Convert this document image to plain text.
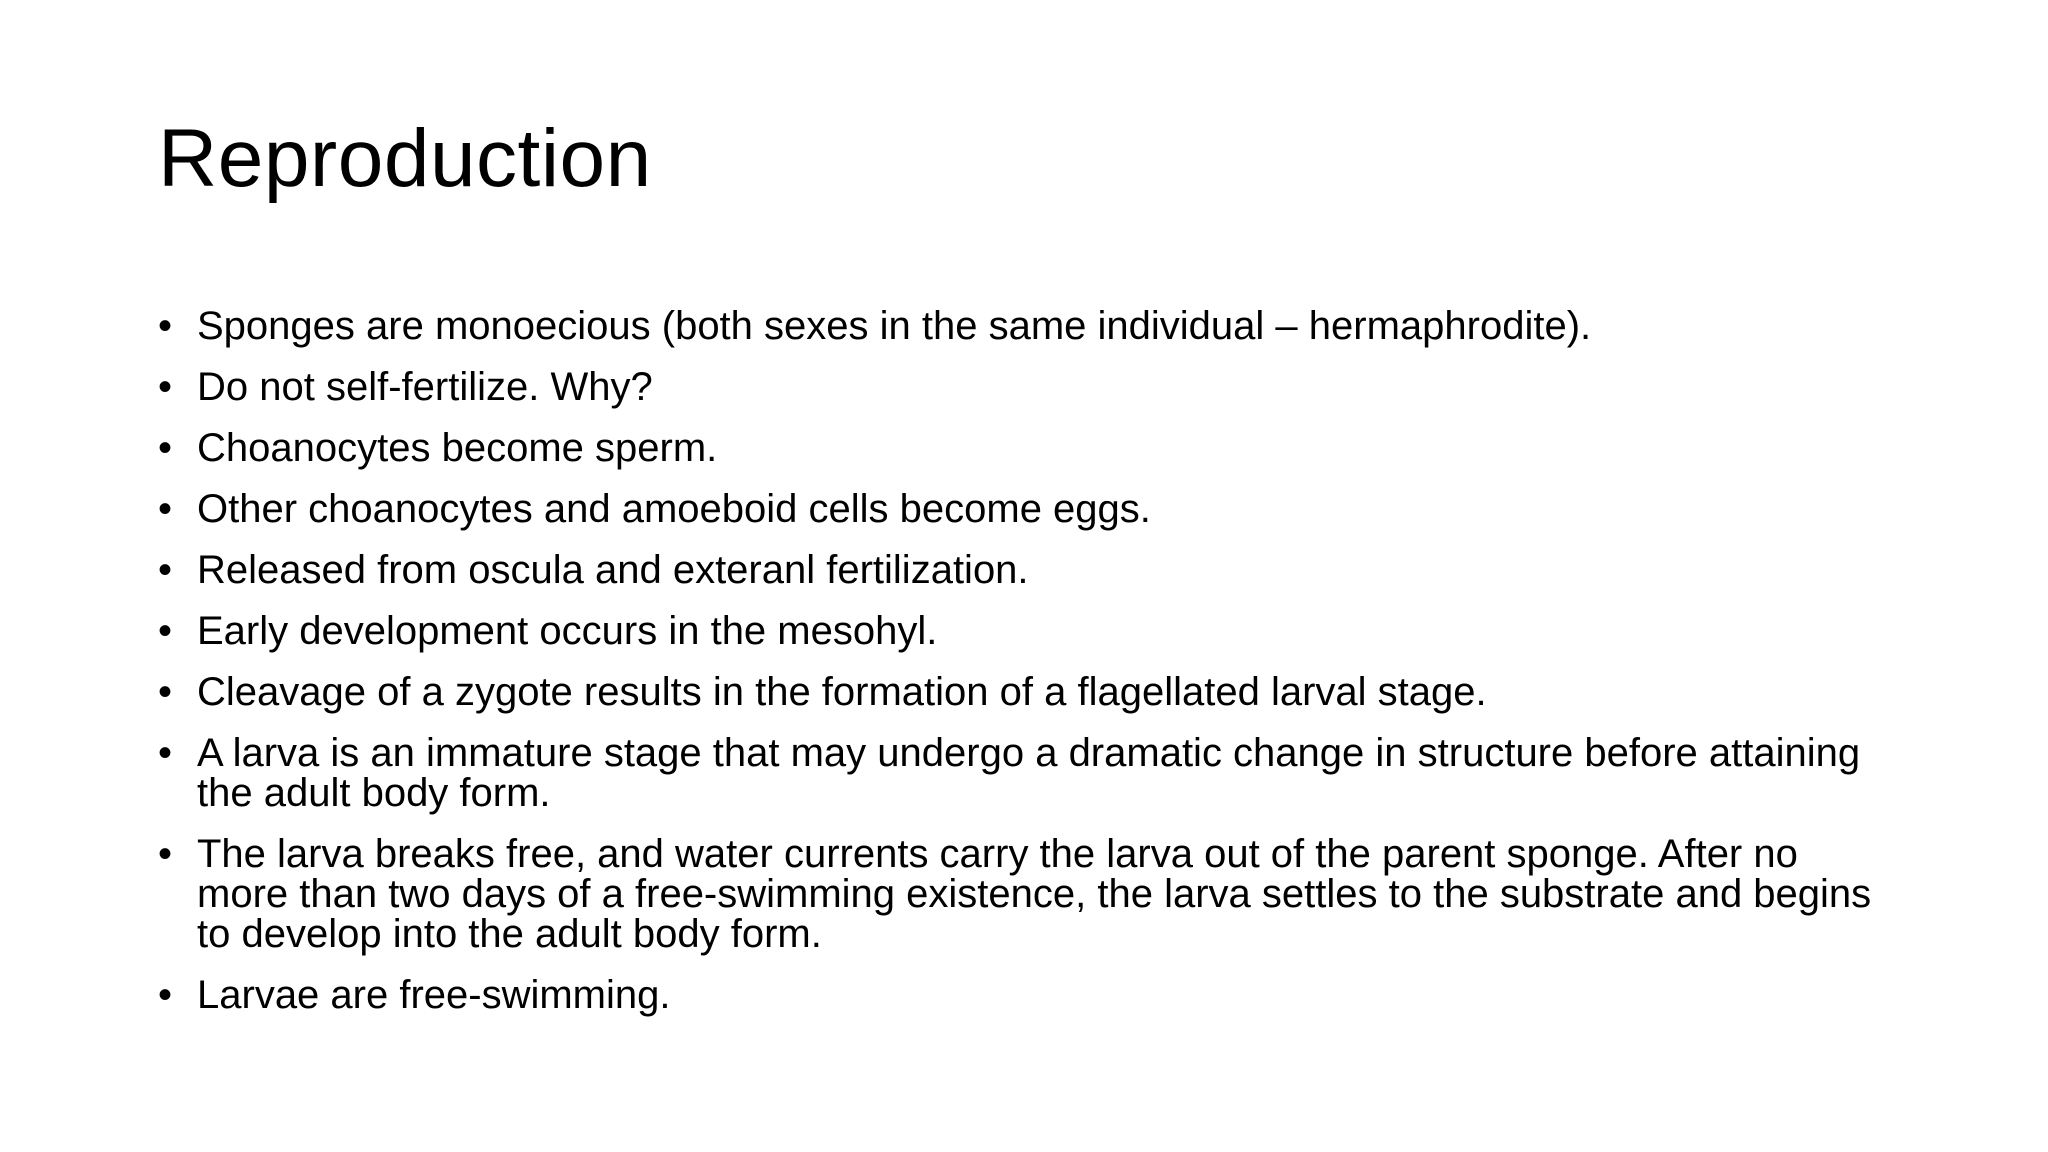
Reproduction
• Sponges are monoecious (both sexes in the same individual – hermaphrodite).
• Do not self-fertilize. Why?
• Choanocytes become sperm.
• Other choanocytes and amoeboid cells become eggs.
• Released from oscula and exteranl fertilization.
• Early development occurs in the mesohyl.
• Cleavage of a zygote results in the formation of a flagellated larval stage.
• A larva is an immature stage that may undergo a dramatic change in structure before attaining the adult body form.
• The larva breaks free, and water currents carry the larva out of the parent sponge. After no more than two days of a free-swimming existence, the larva settles to the substrate and begins to develop into the adult body form.
• Larvae are free-swimming.
